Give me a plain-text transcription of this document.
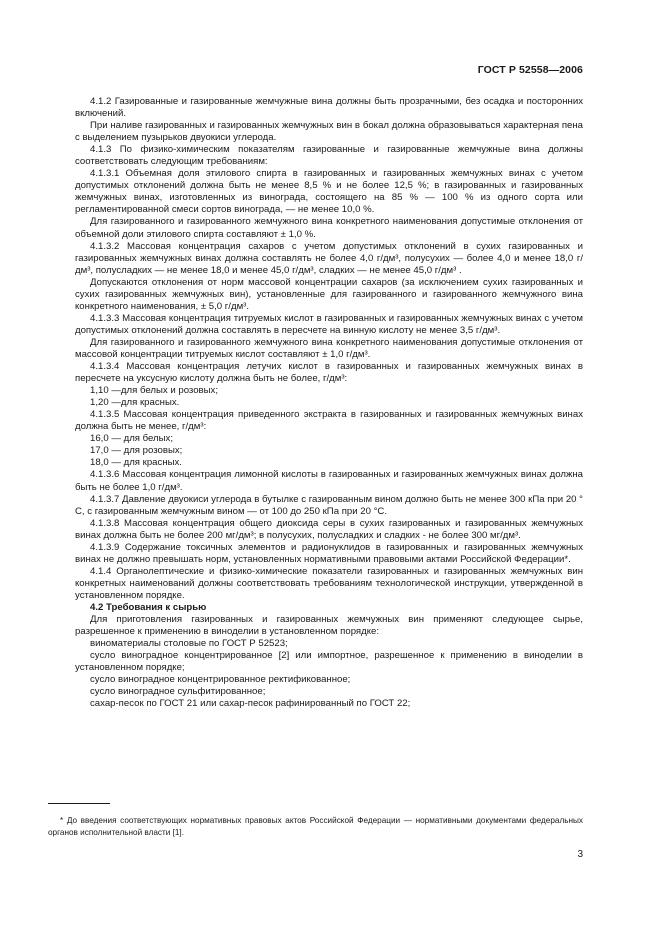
ГОСТ Р 52558—2006

4.1.2 Газированные и газированные жемчужные вина должны быть прозрачными, без осадка и посторонних включений.

При наливе газированных и газированных жемчужных вин в бокал должна образовываться характерная пена с выделением пузырьков двуокиси углерода.

4.1.3 По физико-химическим показателям газированные и газированные жемчужные вина должны соответствовать следующим требованиям:

4.1.3.1 Объемная доля этилового спирта в газированных и газированных жемчужных винах с учетом допустимых отклонений должна быть не менее 8,5 % и не более 12,5 %; в газированных и газированных жемчужных винах, изготовленных из винограда, состоящего на 85 % — 100 % из одного сорта или регламентированной смеси сортов винограда, — не менее 10,0 %.

Для газированного и газированного жемчужного вина конкретного наименования допустимые отклонения от объемной доли этилового спирта составляют ± 1,0 %.

4.1.3.2 Массовая концентрация сахаров с учетом допустимых отклонений в сухих газированных и газированных жемчужных винах должна составлять не более 4,0 г/дм³, полусухих — более 4,0 и менее 18,0 г/дм³, полусладких — не менее 18,0 и менее 45,0 г/дм³, сладких — не менее 45,0 г/дм³ .

Допускаются отклонения от норм массовой концентрации сахаров (за исключением сухих газированных и сухих газированных жемчужных вин), установленные для газированного и газированного жемчужного вина конкретного наименования, ± 5,0 г/дм³.

4.1.3.3 Массовая концентрация титруемых кислот в газированных и газированных жемчужных винах с учетом допустимых отклонений должна составлять в пересчете на винную кислоту не менее 3,5 г/дм³.

Для газированного и газированного жемчужного вина конкретного наименования допустимые отклонения от массовой концентрации титруемых кислот составляют ± 1,0 г/дм³.

4.1.3.4 Массовая концентрация летучих кислот в газированных и газированных жемчужных винах в пересчете на уксусную кислоту должна быть не более, г/дм³:

1,10 —для белых и розовых;

1,20 —для красных.

4.1.3.5 Массовая концентрация приведенного экстракта в газированных и газированных жемчужных винах должна быть не менее, г/дм³:

16,0 — для белых;

17,0 — для розовых;

18,0 — для красных.

4.1.3.6 Массовая концентрация лимонной кислоты в газированных и газированных жемчужных винах должна быть не более 1,0 г/дм³.

4.1.3.7 Давление двуокиси углерода в бутылке с газированным вином должно быть не менее 300 кПа при 20 ° С, с газированным жемчужным вином — от 100 до 250 кПа при 20 °С.

4.1.3.8 Массовая концентрация общего диоксида серы в сухих газированных и газированных жемчужных винах должна быть не более 200 мг/дм³; в полусухих, полусладких и сладких - не более 300 мг/дм³.

4.1.3.9 Содержание токсичных элементов и радионуклидов в газированных и газированных жемчужных винах не должно превышать норм, установленных нормативными правовыми актами Российской Федерации*.

4.1.4 Органолептические и физико-химические показатели газированных и газированных жемчужных вин конкретных наименований должны соответствовать требованиям технологической инструкции, утвержденной в установленном порядке.

4.2 Требования к сырью

Для приготовления газированных и газированных жемчужных вин применяют следующее сырье, разрешенное к применению в виноделии в установленном порядке:

виноматериалы столовые по ГОСТ Р 52523;

сусло виноградное концентрированное [2] или импортное, разрешенное к применению в виноделии в установленном порядке;

сусло виноградное концентрированное ректификованное;

сусло виноградное сульфитированное;

сахар-песок по ГОСТ 21 или сахар-песок рафинированный по ГОСТ 22;

* До введения соответствующих нормативных правовых актов Российской Федерации — нормативными документами федеральных органов исполнительной власти [1].

3
